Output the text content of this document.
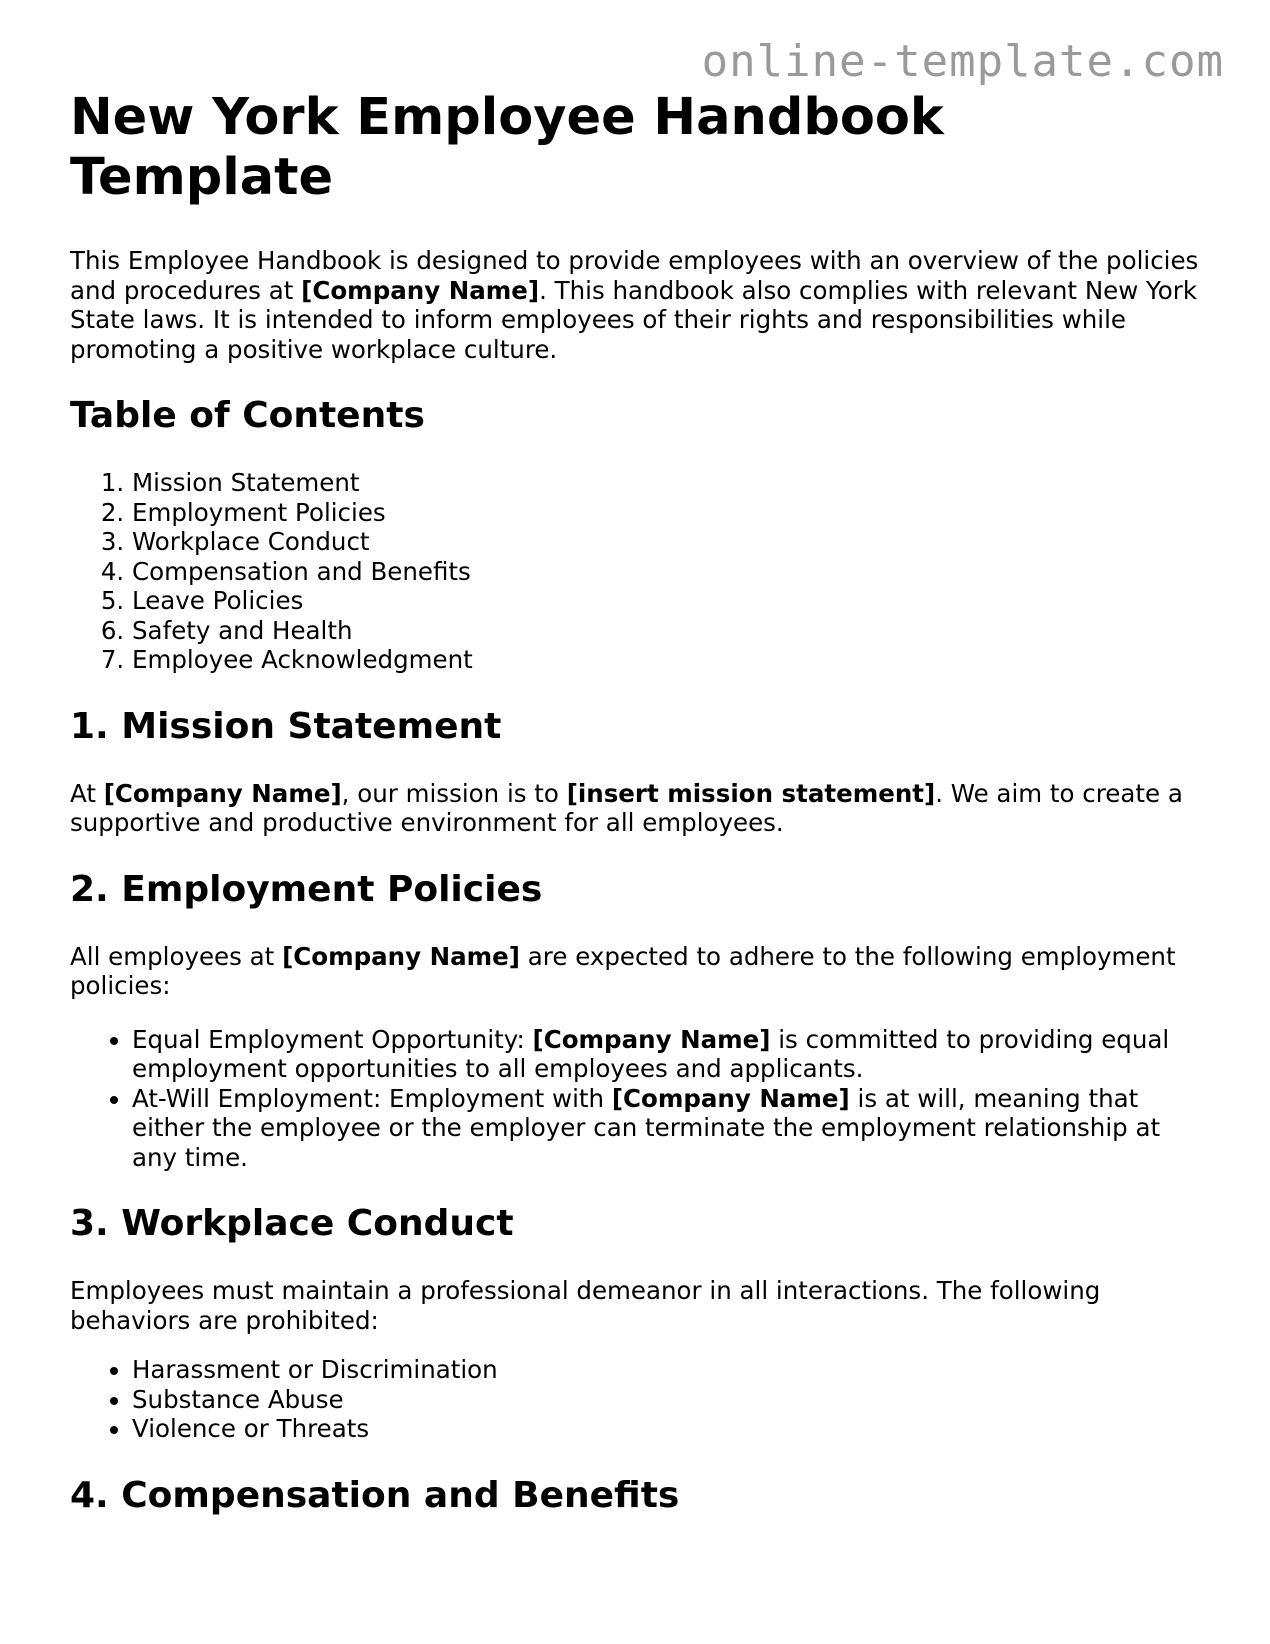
online-template.com
New York Employee Handbook Template

This Employee Handbook is designed to provide employees with an overview of the policies and procedures at [Company Name]. This handbook also complies with relevant New York State laws. It is intended to inform employees of their rights and responsibilities while promoting a positive workplace culture.

Table of Contents
1. Mission Statement
2. Employment Policies
3. Workplace Conduct
4. Compensation and Benefits
5. Leave Policies
6. Safety and Health
7. Employee Acknowledgment
1. Mission Statement

At [Company Name], our mission is to [insert mission statement]. We aim to create a supportive and productive environment for all employees.

2. Employment Policies

All employees at [Company Name] are expected to adhere to the following employment policies:

• Equal Employment Opportunity: [Company Name] is committed to providing equal employment opportunities to all employees and applicants.
• At-Will Employment: Employment with [Company Name] is at will, meaning that either the employee or the employer can terminate the employment relationship at any time.
3. Workplace Conduct

Employees must maintain a professional demeanor in all interactions. The following behaviors are prohibited:

• Harassment or Discrimination
• Substance Abuse
• Violence or Threats
4. Compensation and Benefits
